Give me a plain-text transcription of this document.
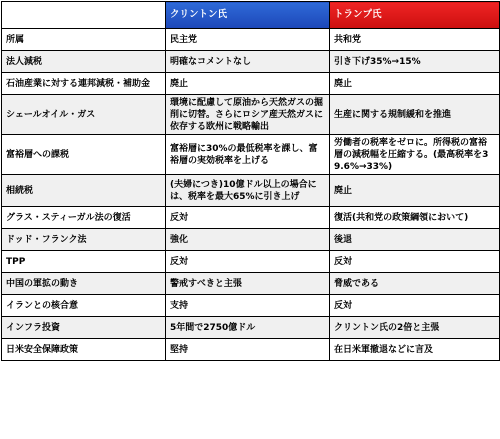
	クリントン氏	トランプ氏
所属	民主党	共和党
法人減税	明確なコメントなし	引き下げ35%→15%
石油産業に対する連邦減税・補助金	廃止	廃止
シェールオイル・ガス	環境に配慮して原油から天然ガスの掘削に切替。さらにロシア産天然ガスに依存する欧州に戦略輸出	生産に関する規制緩和を推進
富裕層への課税	富裕層に30%の最低税率を課し、富裕層の実効税率を上げる	労働者の税率をゼロに。所得税の富裕層の減税幅を圧縮する。(最高税率を39.6%→33%)
相続税	(夫婦につき)10億ドル以上の場合には、税率を最大65%に引き上げ	廃止
グラス・スティーガル法の復活	反対	復活(共和党の政策綱領において)
ドッド・フランク法	強化	後退
TPP	反対	反対
中国の軍拡の動き	警戒すべきと主張	脅威である
イランとの核合意	支持	反対
インフラ投資	5年間で2750億ドル	クリントン氏の2倍と主張
日米安全保障政策	堅持	在日米軍撤退などに言及
